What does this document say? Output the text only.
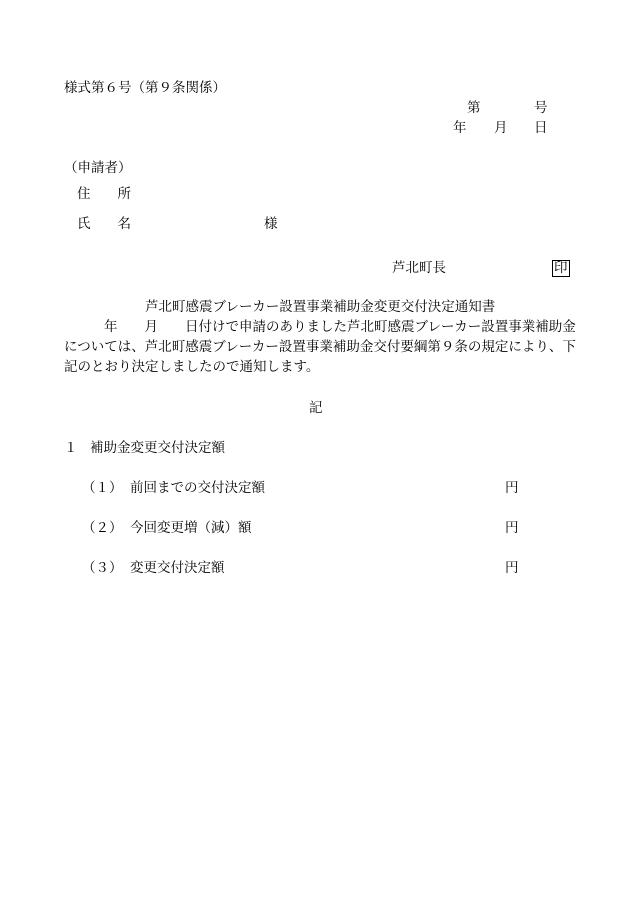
様式第６号（第９条関係）
第	号
年 月 日
（申請者）
住　　所
氏　　名	様
芦北町長	印
芦北町感震ブレーカー設置事業補助金変更交付決定通知書
年　　月　　日付けで申請のありました芦北町感震ブレーカー設置事業補助金
については、芦北町感震ブレーカー設置事業補助金交付要綱第９条の規定により、下
記のとおり決定しましたので通知します。
記
１ 補助金変更交付決定額
（１） 前回までの交付決定額	円
（２） 今回変更増（減）額	円
（３） 変更交付決定額	円
